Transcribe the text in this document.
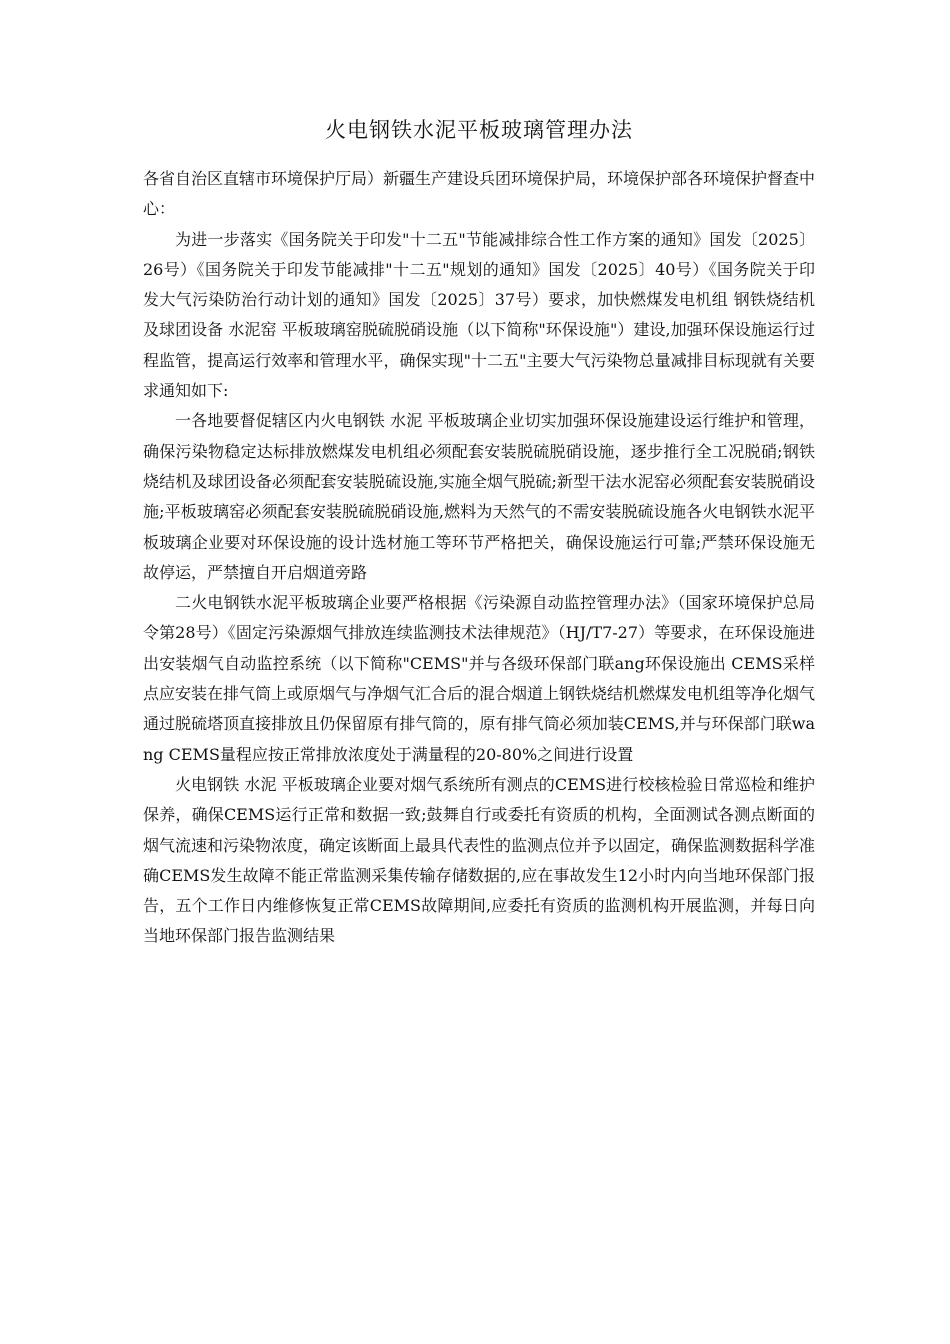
火电钢铁水泥平板玻璃管理办法

各省自治区直辖市环境保护厅局）新疆生产建设兵团环境保护局，环境保护部各环境保护督查中心：

为进一步落实《国务院关于印发"十二五"节能减排综合性工作方案的通知》国发〔2025〕26号）《国务院关于印发节能减排"十二五"规划的通知》国发〔2025〕40号）《国务院关于印发大气污染防治行动计划的通知》国发〔2025〕37号）要求，加快燃煤发电机组 钢铁烧结机及球团设备 水泥窑 平板玻璃窑脱硫脱硝设施（以下简称"环保设施"）建设,加强环保设施运行过程监管，提高运行效率和管理水平，确保实现"十二五"主要大气污染物总量减排目标现就有关要求通知如下:

一各地要督促辖区内火电钢铁 水泥 平板玻璃企业切实加强环保设施建设运行维护和管理，确保污染物稳定达标排放燃煤发电机组必须配套安装脱硫脱硝设施，逐步推行全工况脱硝;钢铁烧结机及球团设备必须配套安装脱硫设施,实施全烟气脱硫;新型干法水泥窑必须配套安装脱硝设施;平板玻璃窑必须配套安装脱硫脱硝设施,燃料为天然气的不需安装脱硫设施各火电钢铁水泥平板玻璃企业要对环保设施的设计选材施工等环节严格把关，确保设施运行可靠;严禁环保设施无故停运，严禁擅自开启烟道旁路

二火电钢铁水泥平板玻璃企业要严格根据《污染源自动监控管理办法》（国家环境保护总局令第28号）《固定污染源烟气排放连续监测技术法律规范》（HJ/T7-27）等要求，在环保设施进出安装烟气自动监控系统（以下简称"CEMS"并与各级环保部门联ang环保设施出 CEMS采样点应安装在排气筒上或原烟气与净烟气汇合后的混合烟道上钢铁烧结机燃煤发电机组等净化烟气通过脱硫塔顶直接排放且仍保留原有排气筒的，原有排气筒必须加装CEMS,并与环保部门联wang CEMS量程应按正常排放浓度处于满量程的20-80%之间进行设置

火电钢铁 水泥 平板玻璃企业要对烟气系统所有测点的CEMS进行校核检验日常巡检和维护保养，确保CEMS运行正常和数据一致;鼓舞自行或委托有资质的机构，全面测试各测点断面的烟气流速和污染物浓度，确定该断面上最具代表性的监测点位并予以固定，确保监测数据科学准确CEMS发生故障不能正常监测采集传输存储数据的,应在事故发生12小时内向当地环保部门报告，五个工作日内维修恢复正常CEMS故障期间,应委托有资质的监测机构开展监测，并每日向当地环保部门报告监测结果
